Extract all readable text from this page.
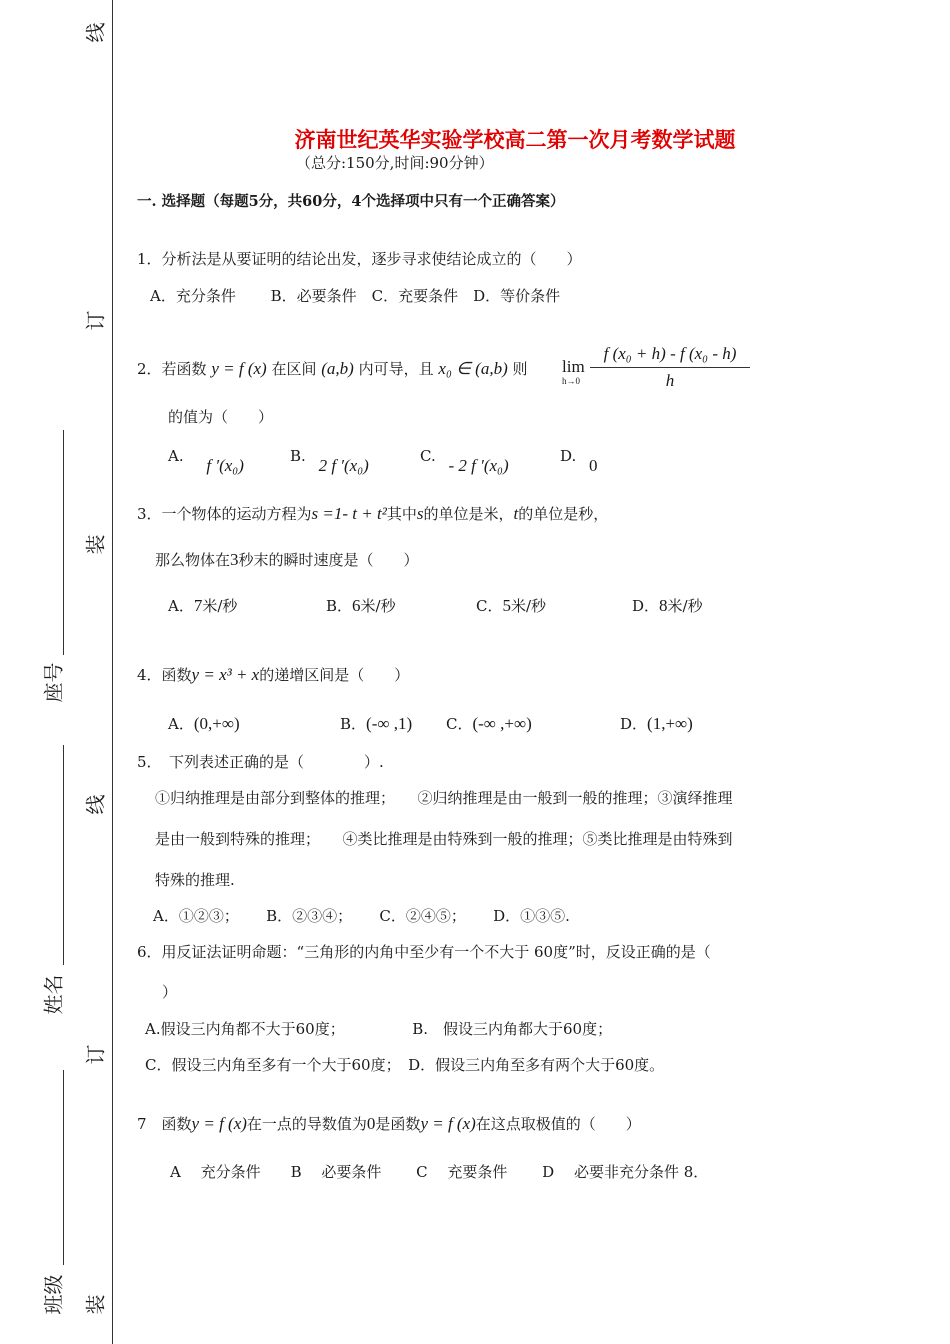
线
订
装
线
订
装
班级
姓名
座号
济南世纪英华实验学校高二第一次月考数学试题
（总分:150分,时间:90分钟）
一. 选择题（每题5分，共60分，4个选择项中只有一个正确答案）
1．分析法是从要证明的结论出发，逐步寻求使结论成立的（　　）
A．充分条件　　 B．必要条件　C．充要条件　D．等价条件
2．若函数 y = f (x) 在区间 (a,b) 内可导，且 x₀ ∈ (a,b) 则 lim
$h\to 0 \frac{\text{f (x₀ + h) - f (x₀ - h)}}{h}$
的值为（　　）
A. f ′(x₀)	B. 2 f ′(x₀)	C. - 2 f ′(x₀)	D. 0
3．一个物体的运动方程为s =1- t + t²其中s的单位是米，t的单位是秒，
那么物体在3秒末的瞬时速度是（　　）
A．7米/秒	B．6米/秒	C．5米/秒	D．8米/秒
4．函数y = x³ + x的递增区间是（　　）
A．(0,+∞)	B．(-∞ ,1) C．(-∞ ,+∞)	D．(1,+∞)
5．　下列表述正确的是（　　　　）.
①归纳推理是由部分到整体的推理；　　②归纳推理是由一般到一般的推理；③演绎推理
是由一般到特殊的推理；　　④类比推理是由特殊到一般的推理；⑤类比推理是由特殊到
特殊的推理.
A．①②③；　　 B．②③④；　　 C．②④⑤；　　 D．①③⑤.
6．用反证法证明命题：“三角形的内角中至少有一个不大于 60度”时，反设正确的是（
）
A.假设三内角都不大于60度；　　　　　B.　假设三内角都大于60度；
C．假设三内角至多有一个大于60度；　D．假设三内角至多有两个大于60度。
7　函数y = f (x)在一点的导数值为0是函数y = f (x)在这点取极值的（　　）
A　 充分条件　　B　 必要条件　　 C　 充要条件　　 D　 必要非充分条件 8．
